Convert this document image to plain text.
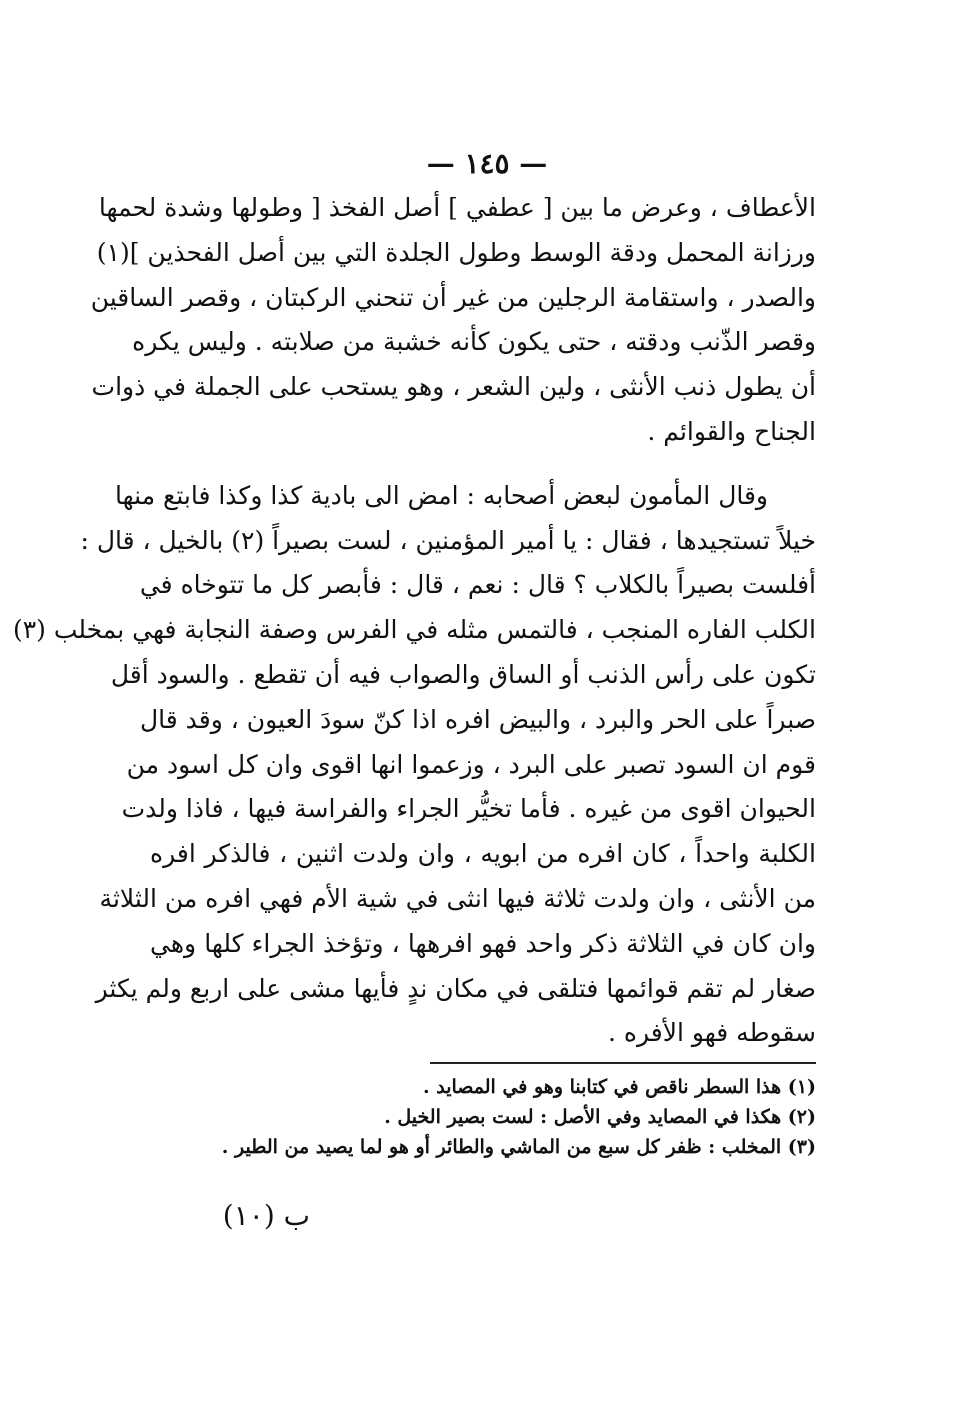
— ١٤٥ —
الأعطاف ، وعرض ما بين [ عطفي ] أصل الفخذ [ وطولها وشدة لحمها
ورزانة المحمل ودقة الوسط وطول الجلدة التي بين أصل الفحذين ](١)
والصدر ، واستقامة الرجلين من غير أن تنحني الركبتان ، وقصر الساقين
وقصر الذّنب ودقته ، حتى يكون كأنه خشبة من صلابته . وليس يكره
أن يطول ذنب الأنثى ، ولين الشعر ، وهو يستحب على الجملة في ذوات
الجناح والقوائم .
وقال المأمون لبعض أصحابه : امض الى بادية كذا وكذا فابتع منها
خيلاً تستجيدها ، فقال : يا أمير المؤمنين ، لست بصيراً (٢) بالخيل ، قال :
أفلست بصيراً بالكلاب ؟ قال : نعم ، قال : فأبصر كل ما تتوخاه في
الكلب الفاره المنجب ، فالتمس مثله في الفرس وصفة النجابة فهي بمخلب (٣)
تكون على رأس الذنب أو الساق والصواب فيه أن تقطع . والسود أقل
صبراً على الحر والبرد ، والبيض افره اذا كنّ سودَ العيون ، وقد قال
قوم ان السود تصبر على البرد ، وزعموا انها اقوى وان كل اسود من
الحيوان اقوى من غيره . فأما تخيُّر الجراء والفراسة فيها ، فاذا ولدت
الكلبة واحداً ، كان افره من ابويه ، وان ولدت اثنين ، فالذكر افره
من الأنثى ، وان ولدت ثلاثة فيها انثى في شية الأم فهي افره من الثلاثة
وان كان في الثلاثة ذكر واحد فهو افرهها ، وتؤخذ الجراء كلها وهي
صغار لم تقم قوائمها فتلقى في مكان ندٍ فأيها مشى على اربع ولم يكثر
سقوطه فهو الأفره .
(١) هذا السطر ناقص في كتابنا وهو في المصايد .
(٢) هكذا في المصايد وفي الأصل : لست بصير الخيل .
(٣) المخلب : ظفر كل سبع من الماشي والطائر أو هو لما يصيد من الطير .
ب (١٠)
